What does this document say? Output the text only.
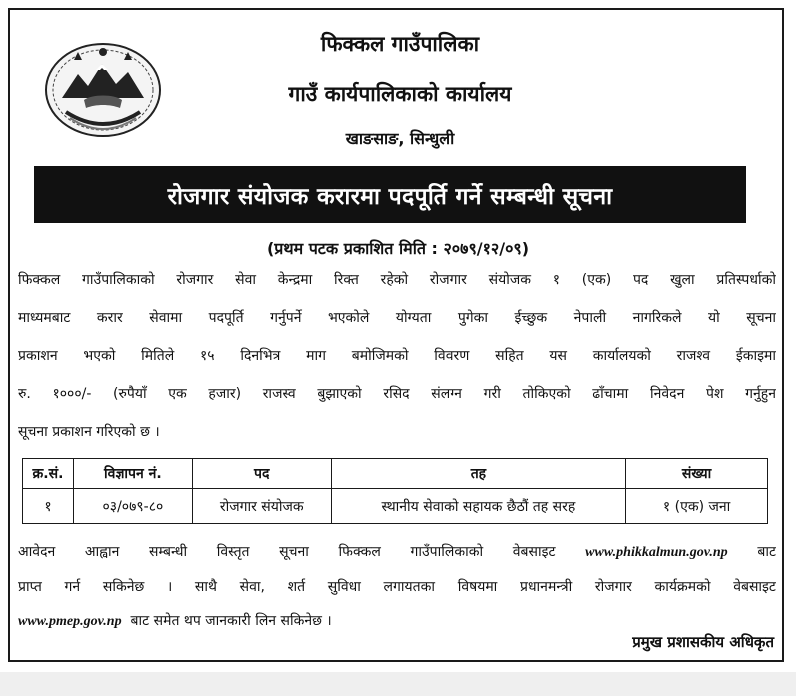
फिक्कल गाउँपालिका
गाउँ कार्यपालिकाको कार्यालय
खाङसाङ, सिन्धुली
रोजगार संयोजक करारमा पदपूर्ति गर्ने सम्बन्धी सूचना
(प्रथम पटक प्रकाशित मिति : २०७९/१२/०९)
फिक्कल गाउँपालिकाको रोजगार सेवा केन्द्रमा रिक्त रहेको रोजगार संयोजक १ (एक) पद खुला प्रतिस्पर्धाको
माध्यमबाट करार सेवामा पदपूर्ति गर्नुपर्ने भएकोले योग्यता पुगेका ईच्छुक नेपाली नागरिकले यो सूचना
प्रकाशन भएको मितिले १५ दिनभित्र माग बमोजिमको विवरण सहित यस कार्यालयको राजश्व ईकाइमा
रु. १०००/- (रुपैयाँ एक हजार) राजस्व बुझाएको रसिद संलग्न गरी तोकिएको ढाँचामा निवेदन पेश गर्नुहुन
सूचना प्रकाशन गरिएको छ ।
क्र.सं.	विज्ञापन नं.	पद	तह	संख्या
१	०३/०७९-८०	रोजगार संयोजक	स्थानीय सेवाको सहायक छैठौं तह सरह	१ (एक) जना
आवेदन आह्वान सम्बन्धी विस्तृत सूचना फिक्कल गाउँपालिकाको वेबसाइट www.phikkalmun.gov.np बाट
प्राप्त गर्न सकिनेछ । साथै सेवा, शर्त सुविधा लगायतका विषयमा प्रधानमन्त्री रोजगार कार्यक्रमको वेबसाइट
www.pmep.gov.np बाट समेत थप जानकारी लिन सकिनेछ ।
प्रमुख प्रशासकीय अधिकृत
